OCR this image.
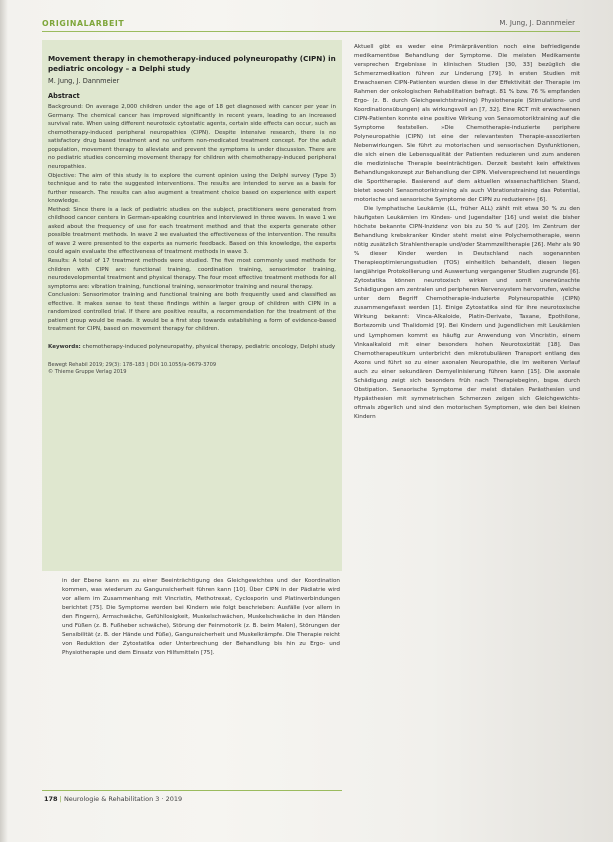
ORIGINALARBEIT	M. Jung, J. Dannmeier

Movement therapy in chemotherapy-induced polyneuropathy (CIPN) in pediatric oncology – a Delphi study

M. Jung, J. Dannmeier

Abstract

Background: On average 2,000 children under the age of 18 get diagnosed with cancer per year in Germany. The chemical cancer has improved significantly in recent years, leading to an increased survival rate. When using different neurotoxic cytostatic agents, certain side effects can occur, such as chemotherapy-induced peripheral neuropathies (CIPN). Despite intensive research, there is no satisfactory drug based treatment and no uniform non-medicated treatment concept. For the adult population, movement therapy to alleviate and prevent the symptoms is under discussion. There are no pediatric studies concerning movement therapy for children with chemotherapy-induced peripheral neuropathies.

Objective: The aim of this study is to explore the current opinion using the Delphi survey (Type 3) technique and to rate the suggested interventions. The results are intended to serve as a basis for further research. The results can also augment a treatment choice based on experience with expert knowledge.

Method: Since there is a lack of pediatric studies on the subject, practitioners were generated from childhood cancer centers in German-speaking countries and interviewed in three waves. In wave 1 we asked about the frequency of use for each treatment method and that the experts generate other possible treatment methods. In wave 2 we evaluated the effectiveness of the intervention. The results of wave 2 were presented to the experts as numeric feedback. Based on this knowledge, the experts could again evaluate the effectiveness of treatment methods in wave 3.

Results: A total of 17 treatment methods were studied. The five most commonly used methods for children with CIPN are: functional training, coordination training, sensorimotor training, neurodevelopmental treatment and physical therapy. The four most effective treatment methods for all symptoms are: vibration training, functional training, sensorimotor training and neural therapy.

Conclusion: Sensorimotor training and functional training are both frequently used and classified as effective. It makes sense to test these findings within a larger group of children with CIPN in a randomized controlled trial. If there are positive results, a recommendation for the treatment of the patient group would be made. It would be a first step towards establishing a form of evidence-based treatment for CIPN, based on movement therapy for children.

Keywords: chemotherapy-induced polyneuropathy, physical therapy, pediatric oncology, Delphi study

Bewegt Rehabil 2019; 29(3): 178–183 | DOI 10.1055/a-0679-3709
© Thieme Gruppe Verlag 2019

in der Ebene kann es zu einer Beeinträchtigung des Gleichgewichtes und der Koordination kommen, was wiederum zu Gangunsicherheit führen kann [10]. Über CIPN in der Pädiatrie wird vor allem im Zusammenhang mit Vincristin, Methotrexat, Cyclosporin und Platinverbindungen berichtet [75]. Die Symptome werden bei Kindern wie folgt beschrieben: Ausfälle (vor allem in den Fingern), Armschwäche, Gefühllosigkeit, Muskelschwächen, Muskelschwäche in den Händen und Füßen (z. B. Fußheber schwäche), Störung der Feinmotorik (z. B. beim Malen), Störungen der Sensibilität (z. B. der Hände und Füße), Gangunsicherheit und Muskelkrämpfe. Die Therapie reicht von Reduktion der Zytostatika oder Unterbrechung der Behandlung bis hin zu Ergo- und Physiotherapie und dem Einsatz von Hilfsmitteln [75].

Aktuell gibt es weder eine Primärprävention noch eine befriedigende medikamentöse Behandlung der Symptome. Die meisten Medikamente versprechen Ergebnisse in klinischen Studien [30, 33] bezüglich die Schmerzmedikation führen zur Linderung [79]. In ersten Studien mit Erwachsenen CIPN-Patienten wurden diese in der Effektivität der Therapie im Rahmen der onkologischen Rehabilitation befragt. 81 % bzw. 76 % empfanden Ergo- (z. B. durch Gleichgewichtstraining) Physiotherapie (Stimulations- und Koordinationsübungen) als wirkungsvoll an [7, 32]. Eine RCT mit erwachsenen CIPN-Patienten konnte eine positive Wirkung von Sensomotoriktraining auf die Symptome feststellen. »Die Chemotherapie-induzierte periphere Polyneuropathie (CIPN) ist eine der relevantesten Therapie-assoziierten Nebenwirkungen. Sie führt zu motorischen und sensorischen Dysfunktionen, die sich einen die Lebensqualität der Patienten reduzieren und zum anderen die medizinische Therapie beeinträchtigen. Derzeit besteht kein effektives Behandlungskonzept zur Behandlung der CIPN. Vielversprechend ist neuerdings die Sporttherapie. Basierend auf dem aktuellen wissenschaftlichen Stand, bietet sowohl Sensomotoriktraining als auch Vibrationstraining das Potential, motorische und sensorische Symptome der CIPN zu reduzieren« [6].

Die lymphatische Leukämie (LL, früher ALL) zählt mit etwa 30 % zu den häufigsten Leukämien im Kindes- und Jugendalter [16] und weist die bisher höchste bekannte CIPN-Inzidenz von bis zu 50 % auf [20]. Im Zentrum der Behandlung krebskranker Kinder steht meist eine Polychemotherapie, wenn nötig zusätzlich Strahlentherapie und/oder Stammzelltherapie [26]. Mehr als 90 % dieser Kinder werden in Deutschland nach sogenannten Therapieoptimierungsstudien (TOS) einheitlich behandelt, diesen liegen langjährige Protokollierung und Auswertung vergangener Studien zugrunde [6]. Zytostatika können neurotoxisch wirken und somit unerwünschte Schädigungen am zentralen und peripheren Nervensystem hervorrufen, welche unter dem Begriff Chemotherapie-induzierte Polyneuropathie (CIPN) zusammengefasst werden [1]. Einige Zytostatika sind für ihre neurotoxische Wirkung bekannt: Vinca-Alkaloide, Platin-Derivate, Taxane, Epothilone, Bortezomib und Thalidomid [9]. Bei Kindern und Jugendlichen mit Leukämien und Lymphomen kommt es häufig zur Anwendung von Vincristin, einem Vinkaalkaloid mit einer besonders hohen Neurotoxizität [18]. Das Chemotherapeutikum unterbricht den mikrotubulären Transport entlang des Axons und führt so zu einer axonalen Neuropathie, die im weiteren Verlauf auch zu einer sekundären Demyelinisierung führen kann [15]. Die axonale Schädigung zeigt sich besonders früh nach Therapiebeginn, bspw. durch Obstipation. Sensorische Symptome der meist distalen Parästhesien und Hypästhesien mit symmetrischen Schmerzen zeigen sich Gleichgewichts- oftmals zögerlich und sind den motorischen Symptomen, wie den bei kleinen Kindern

178 | Neurologie & Rehabilitation 3 · 2019
